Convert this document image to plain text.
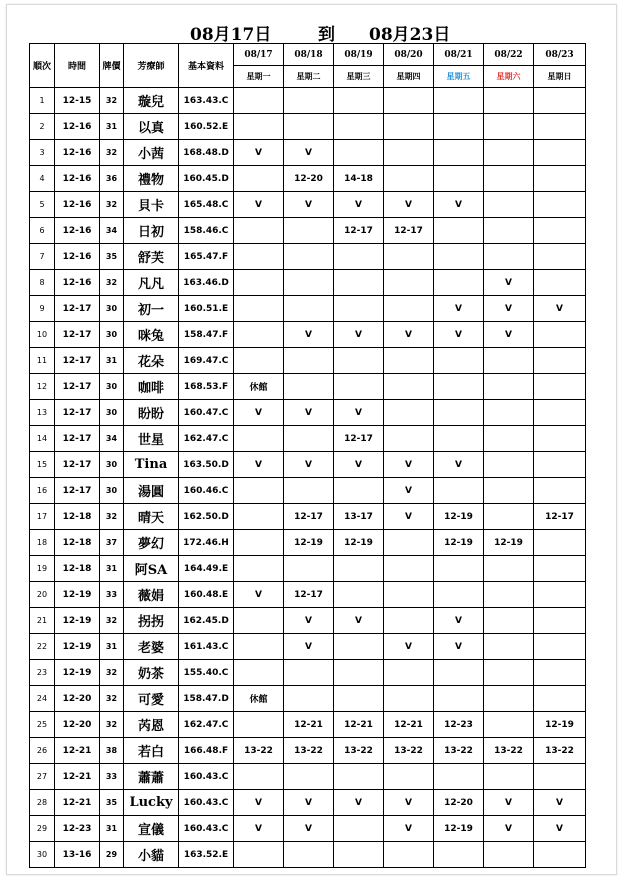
08月17日	到 08月23日
順次	時間	牌價	芳療師	基本資料	08/17	08/18	08/19	08/20	08/21	08/22	08/23
					星期一	星期二	星期三	星期四	星期五	星期六	星期日
1	12-15	32	璇兒	163.43.C							
2	12-16	31	以真	160.52.E							
3	12-16	32	小茜	168.48.D	V	V					
4	12-16	36	禮物	160.45.D		12-20	14-18				
5	12-16	32	貝卡	165.48.C	V	V	V	V	V		
6	12-16	34	日初	158.46.C			12-17	12-17			
7	12-16	35	舒芙	165.47.F							
8	12-16	32	凡凡	163.46.D						V	
9	12-17	30	初一	160.51.E					V	V	V
10	12-17	30	咪兔	158.47.F		V	V	V	V	V	
11	12-17	31	花朵	169.47.C							
12	12-17	30	咖啡	168.53.F	休館						
13	12-17	30	盼盼	160.47.C	V	V	V				
14	12-17	34	世星	162.47.C			12-17				
15	12-17	30	Tina	163.50.D	V	V	V	V	V		
16	12-17	30	湯圓	160.46.C				V			
17	12-18	32	晴天	162.50.D		12-17	13-17	V	12-19		12-17
18	12-18	37	夢幻	172.46.H		12-19	12-19		12-19	12-19	
19	12-18	31	阿SA	164.49.E							
20	12-19	33	薇娟	160.48.E	V	12-17					
21	12-19	32	拐拐	162.45.D		V	V		V		
22	12-19	31	老婆	161.43.C		V		V	V		
23	12-19	32	奶茶	155.40.C							
24	12-20	32	可愛	158.47.D	休館						
25	12-20	32	芮恩	162.47.C		12-21	12-21	12-21	12-23		12-19
26	12-21	38	若白	166.48.F	13-22	13-22	13-22	13-22	13-22	13-22	13-22
27	12-21	33	蕭蕭	160.43.C							
28	12-21	35	Lucky	160.43.C	V	V	V	V	12-20	V	V
29	12-23	31	宣儀	160.43.C	V	V		V	12-19	V	V
30	13-16	29	小貓	163.52.E							
